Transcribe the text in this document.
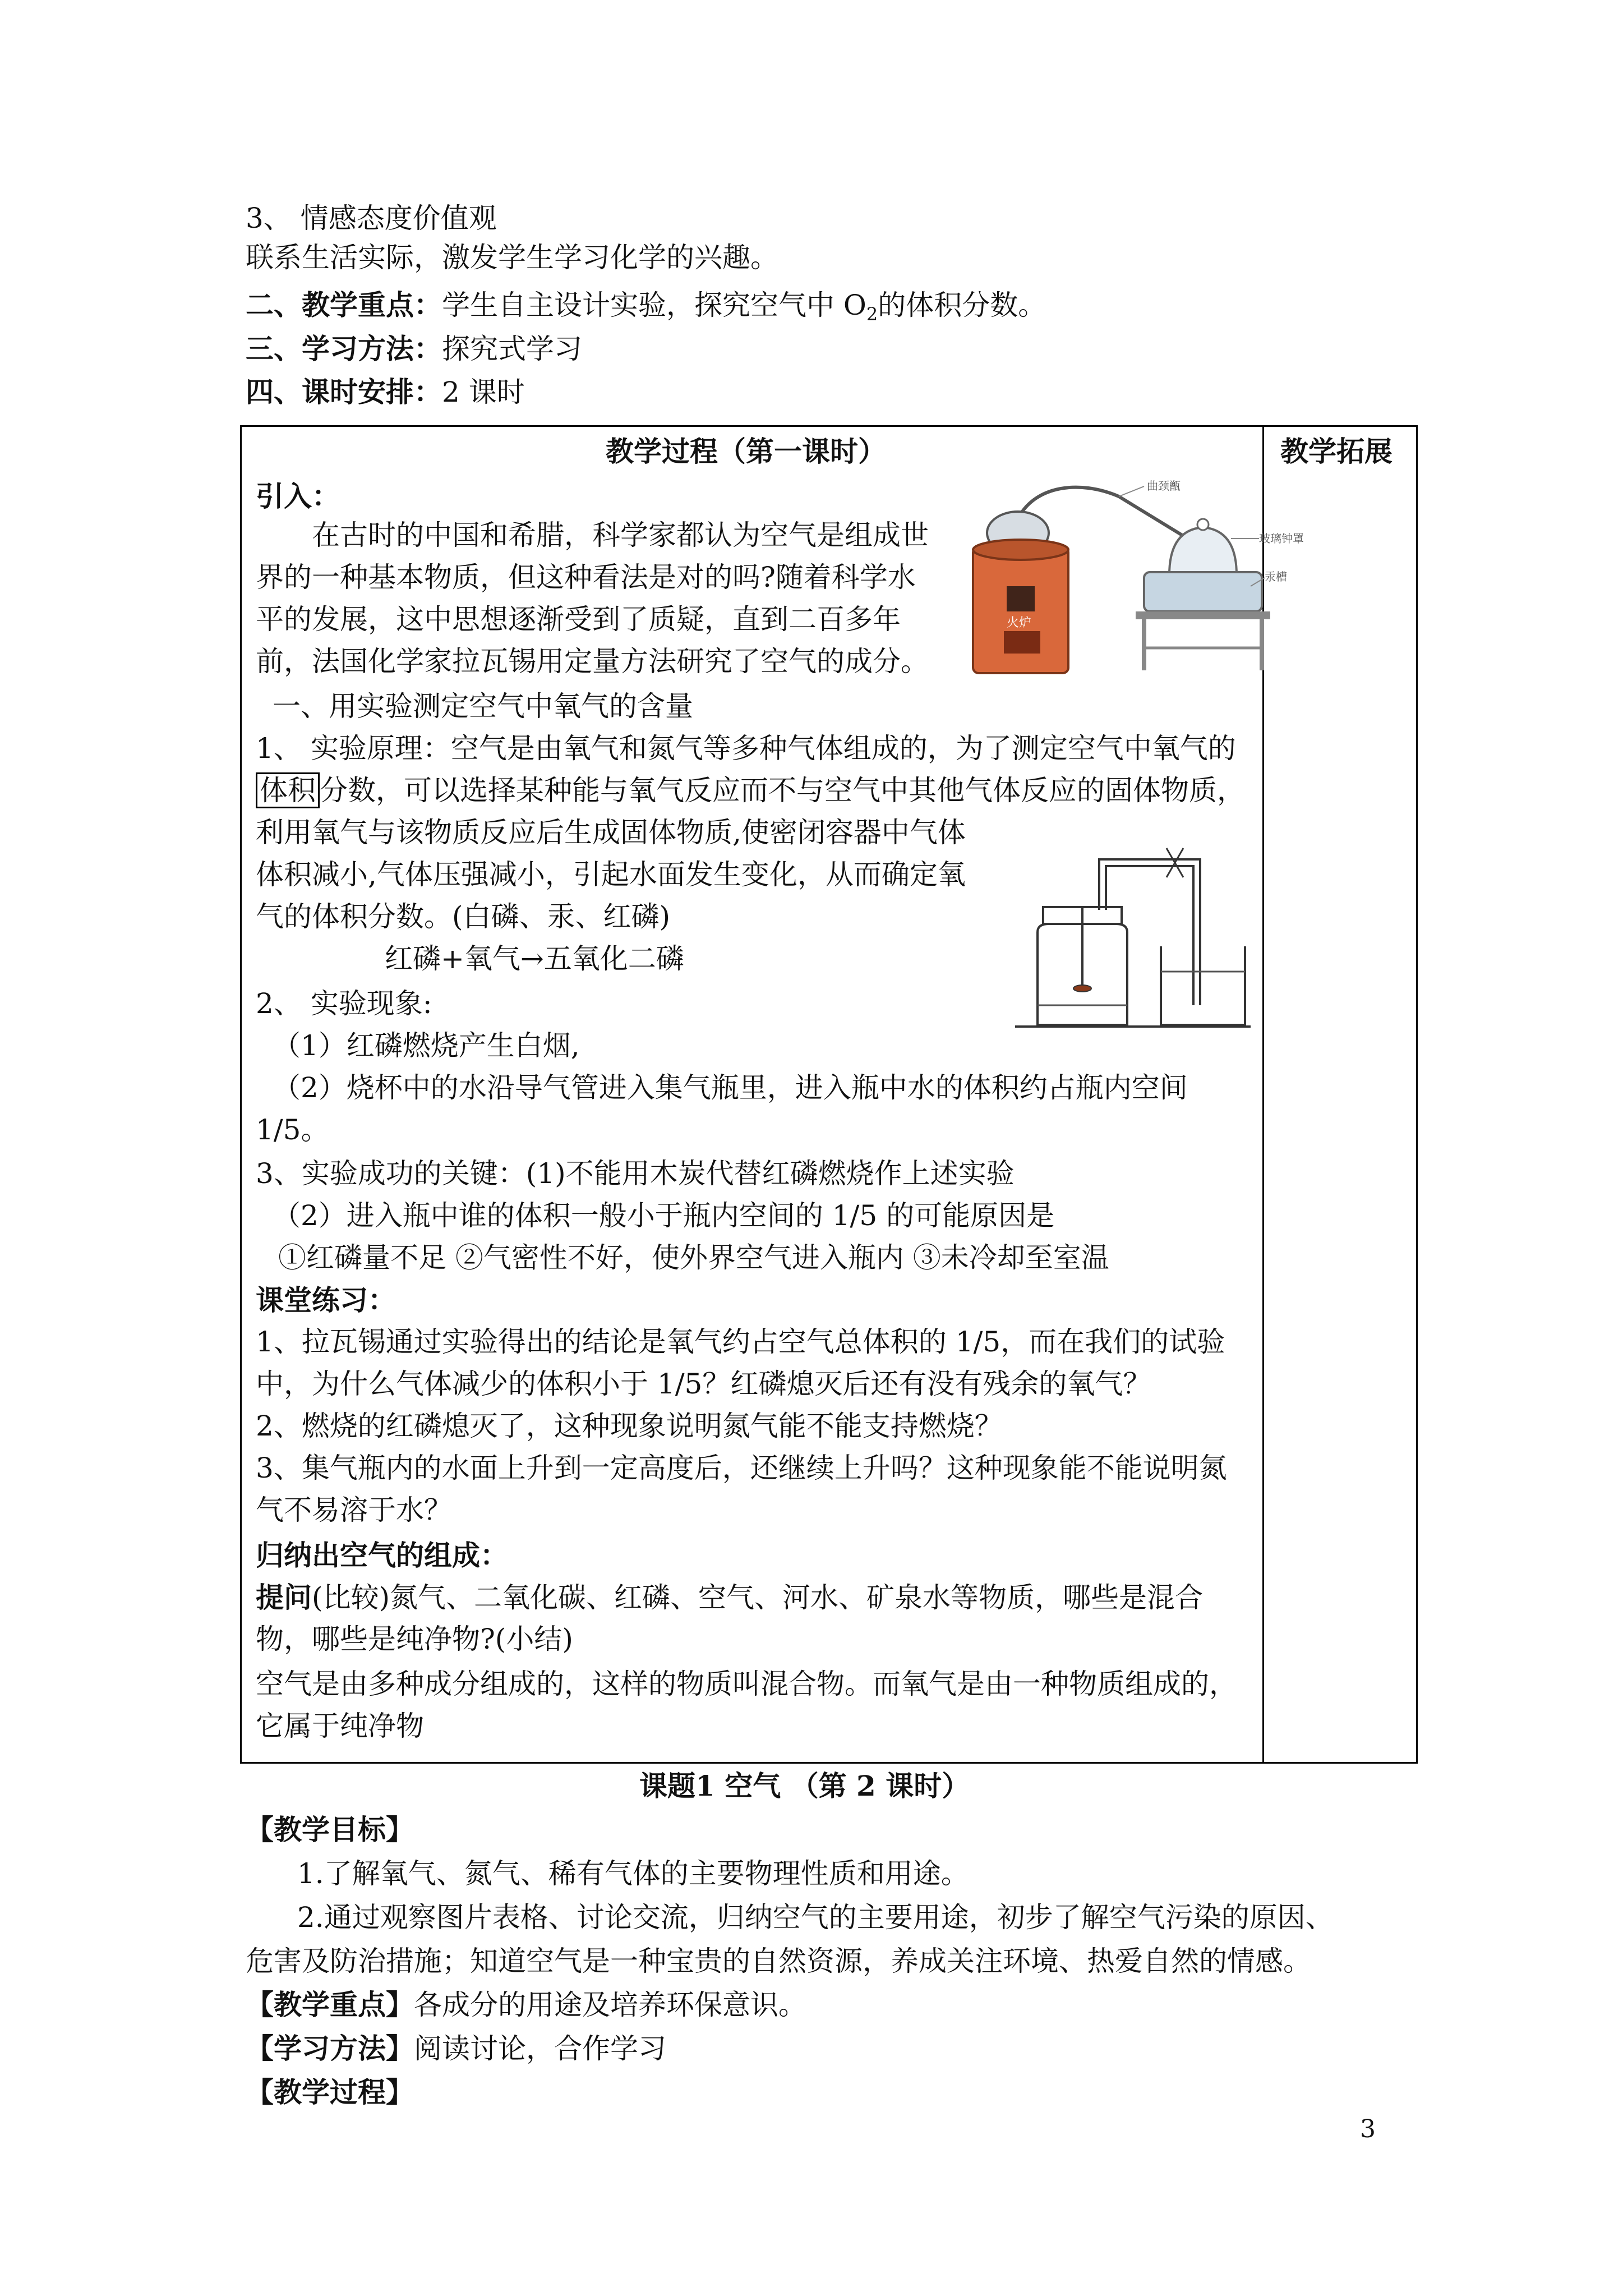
3、 情感态度价值观
联系生活实际，激发学生学习化学的兴趣。
二、教学重点：学生自主设计实验，探究空气中 $O_2$的体积分数。
三、学习方法：探究式学习
四、课时安排：2 课时
教学过程（第一课时）	教学拓展
引入：
在古时的中国和希腊，科学家都认为空气是组成世
界的一种基本物质，但这种看法是对的吗?随着科学水
平的发展，这中思想逐渐受到了质疑，直到二百多年
前，法国化学家拉瓦锡用定量方法研究了空气的成分。
火炉
曲颈甑
玻璃钟罩
汞槽
一、用实验测定空气中氧气的含量
1、 实验原理：空气是由氧气和氮气等多种气体组成的，为了测定空气中氧气的
体积 分数，可以选择某种能与氧气反应而不与空气中其他气体反应的固体物质，
利用氧气与该物质反应后生成固体物质,使密闭容器中气体
体积减小,气体压强减小，引起水面发生变化，从而确定氧
气的体积分数。(白磷、汞、红磷)
红磷+氧气→五氧化二磷
2、 实验现象:
（1）红磷燃烧产生白烟,
（2）烧杯中的水沿导气管进入集气瓶里，进入瓶中水的体积约占瓶内空间
1/5。
3、实验成功的关键：(1)不能用木炭代替红磷燃烧作上述实验
（2）进入瓶中谁的体积一般小于瓶内空间的 1/5 的可能原因是
①红磷量不足 ②气密性不好，使外界空气进入瓶内 ③未冷却至室温
课堂练习：
1、拉瓦锡通过实验得出的结论是氧气约占空气总体积的 1/5，而在我们的试验
中，为什么气体减少的体积小于 1/5？红磷熄灭后还有没有残余的氧气？
2、燃烧的红磷熄灭了，这种现象说明氮气能不能支持燃烧？
3、集气瓶内的水面上升到一定高度后，还继续上升吗？这种现象能不能说明氮
气不易溶于水？
归纳出空气的组成：
提问(比较)氮气、二氧化碳、红磷、空气、河水、矿泉水等物质，哪些是混合
物，哪些是纯净物?(小结)
空气是由多种成分组成的，这样的物质叫混合物。而氧气是由一种物质组成的，
它属于纯净物
课题1 空气 （第 2 课时）
【教学目标】
1.了解氧气、氮气、稀有气体的主要物理性质和用途。
2.通过观察图片表格、讨论交流，归纳空气的主要用途，初步了解空气污染的原因、
危害及防治措施；知道空气是一种宝贵的自然资源，养成关注环境、热爱自然的情感。
【教学重点】各成分的用途及培养环保意识。
【学习方法】阅读讨论，合作学习
【教学过程】
3
